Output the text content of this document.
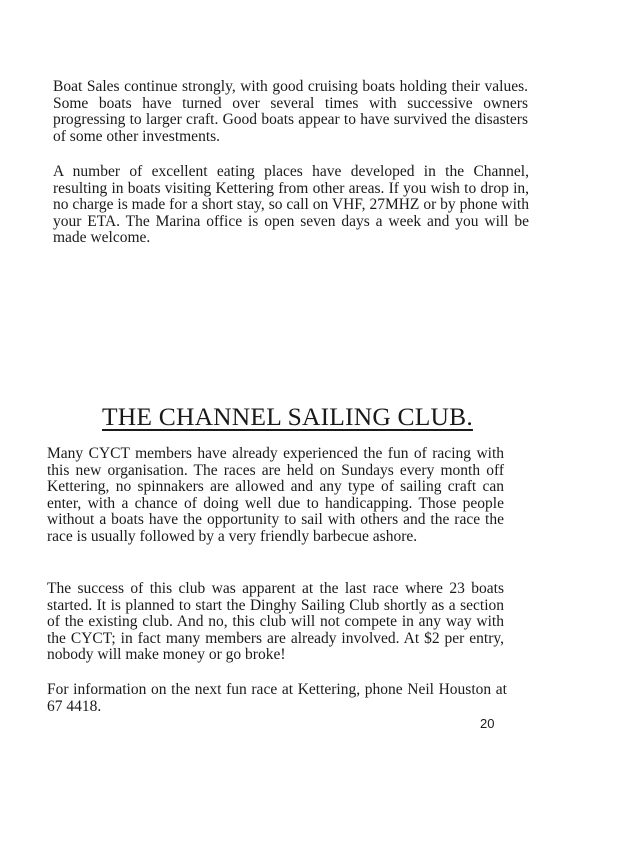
Boat Sales continue strongly, with good cruising boats holding their values. Some boats have turned over several times with successive owners progressing to larger craft. Good boats appear to have survived the disasters of some other investments.

A number of excellent eating places have developed in the Channel, resulting in boats visiting Kettering from other areas. If you wish to drop in, no charge is made for a short stay, so call on VHF, 27MHZ or by phone with your ETA. The Marina office is open seven days a week and you will be made welcome.

THE CHANNEL SAILING CLUB.

Many CYCT members have already experienced the fun of racing with this new organisation. The races are held on Sundays every month off Kettering, no spinnakers are allowed and any type of sailing craft can enter, with a chance of doing well due to handicapping. Those people without a boats have the opportunity to sail with others and the race the race is usually followed by a very friendly barbecue ashore.

The success of this club was apparent at the last race where 23 boats started. It is planned to start the Dinghy Sailing Club shortly as a section of the existing club. And no, this club will not compete in any way with the CYCT; in fact many members are already involved. At $2 per entry, nobody will make money or go broke!

For information on the next fun race at Kettering, phone Neil Houston at 67 4418.

20
